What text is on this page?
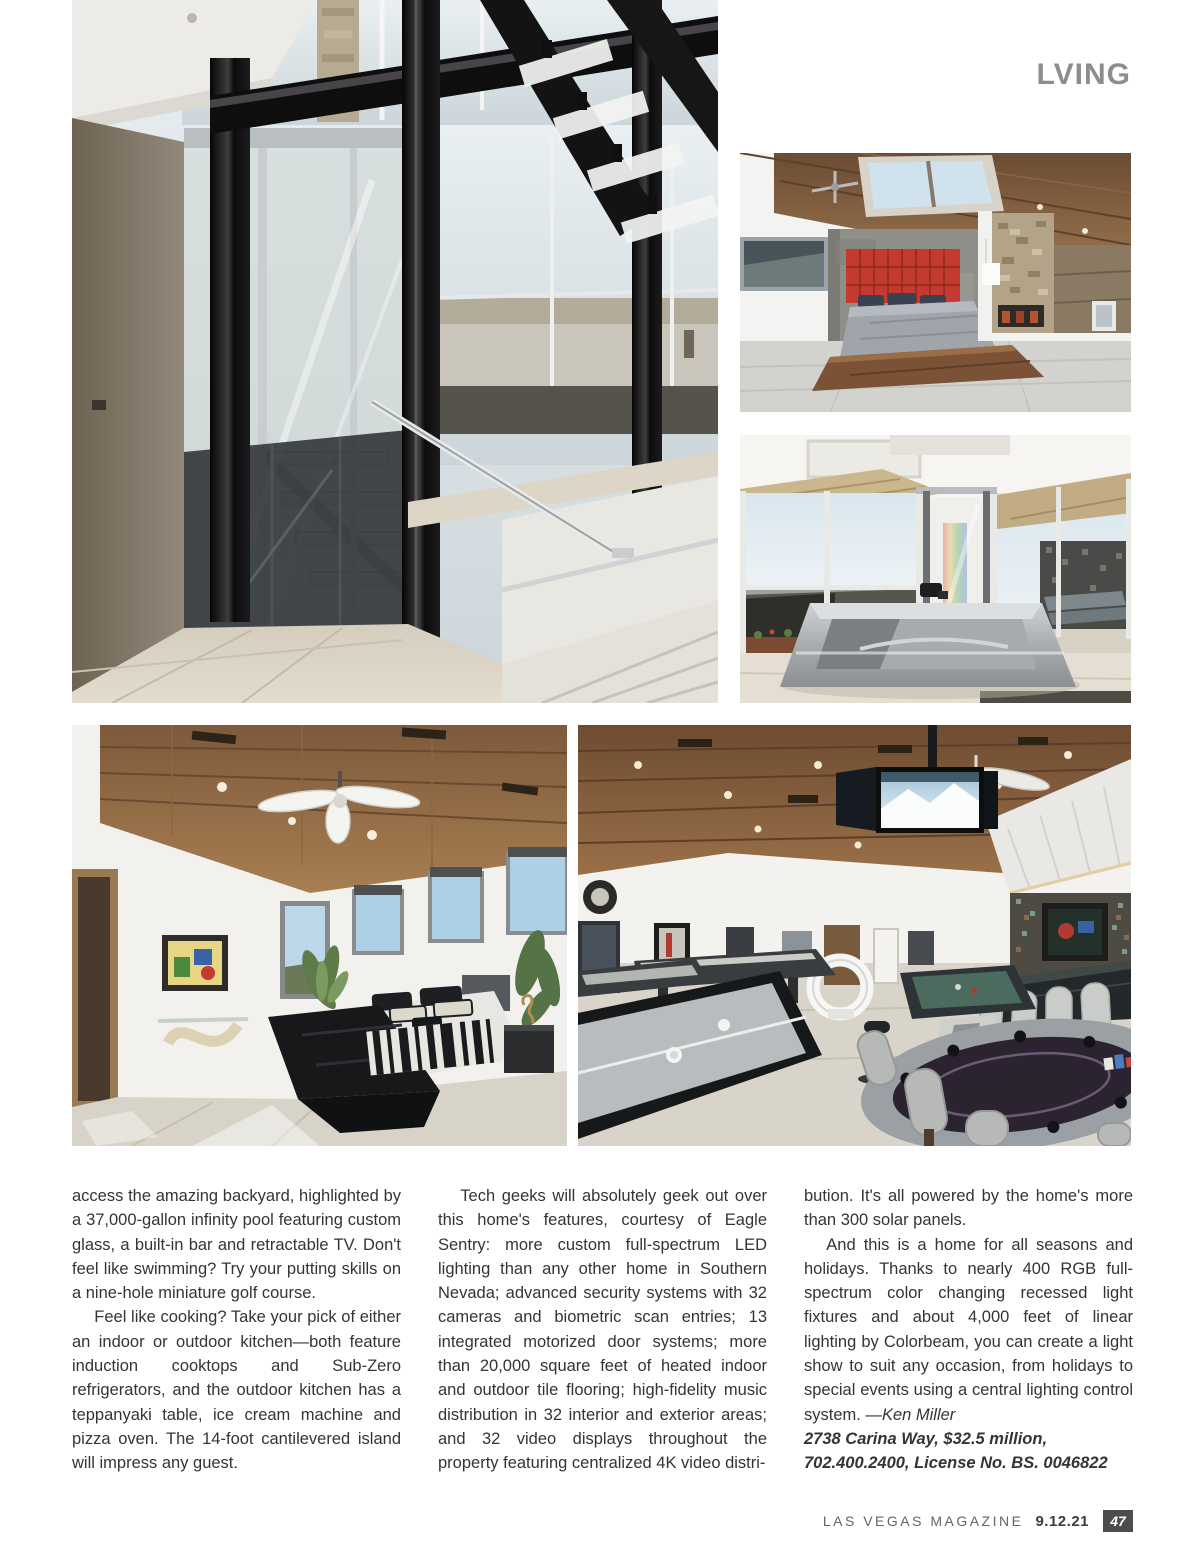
LVING

access the amazing backyard, highlighted by a 37,000-gallon infinity pool featuring custom glass, a built-in bar and retractable TV. Don't feel like swimming? Try your putting skills on a nine-hole miniature golf course.

Feel like cooking? Take your pick of either an indoor or outdoor kitchen—both feature induction cooktops and Sub-Zero refrigerators, and the outdoor kitchen has a teppanyaki table, ice cream machine and pizza oven. The 14-foot cantilevered island will impress any guest.

Tech geeks will absolutely geek out over this home's features, courtesy of Eagle Sentry: more custom full-spectrum LED lighting than any other home in Southern Nevada; advanced security systems with 32 cameras and biometric scan entries; 13 integrated motorized door systems; more than 20,000 square feet of heated indoor and outdoor tile flooring; high-fidelity music distribution in 32 interior and exterior areas; and 32 video displays throughout the property featuring centralized 4K video distri-

bution. It's all powered by the home's more than 300 solar panels.

And this is a home for all seasons and holidays. Thanks to nearly 400 RGB full-spectrum color changing recessed light fixtures and about 4,000 feet of linear lighting by Colorbeam, you can create a light show to suit any occasion, from holidays to special events using a central lighting control system. —Ken Miller

2738 Carina Way, $32.5 million,

702.400.2400, License No. BS. 0046822

LAS VEGAS MAGAZINE 9.12.21 47
